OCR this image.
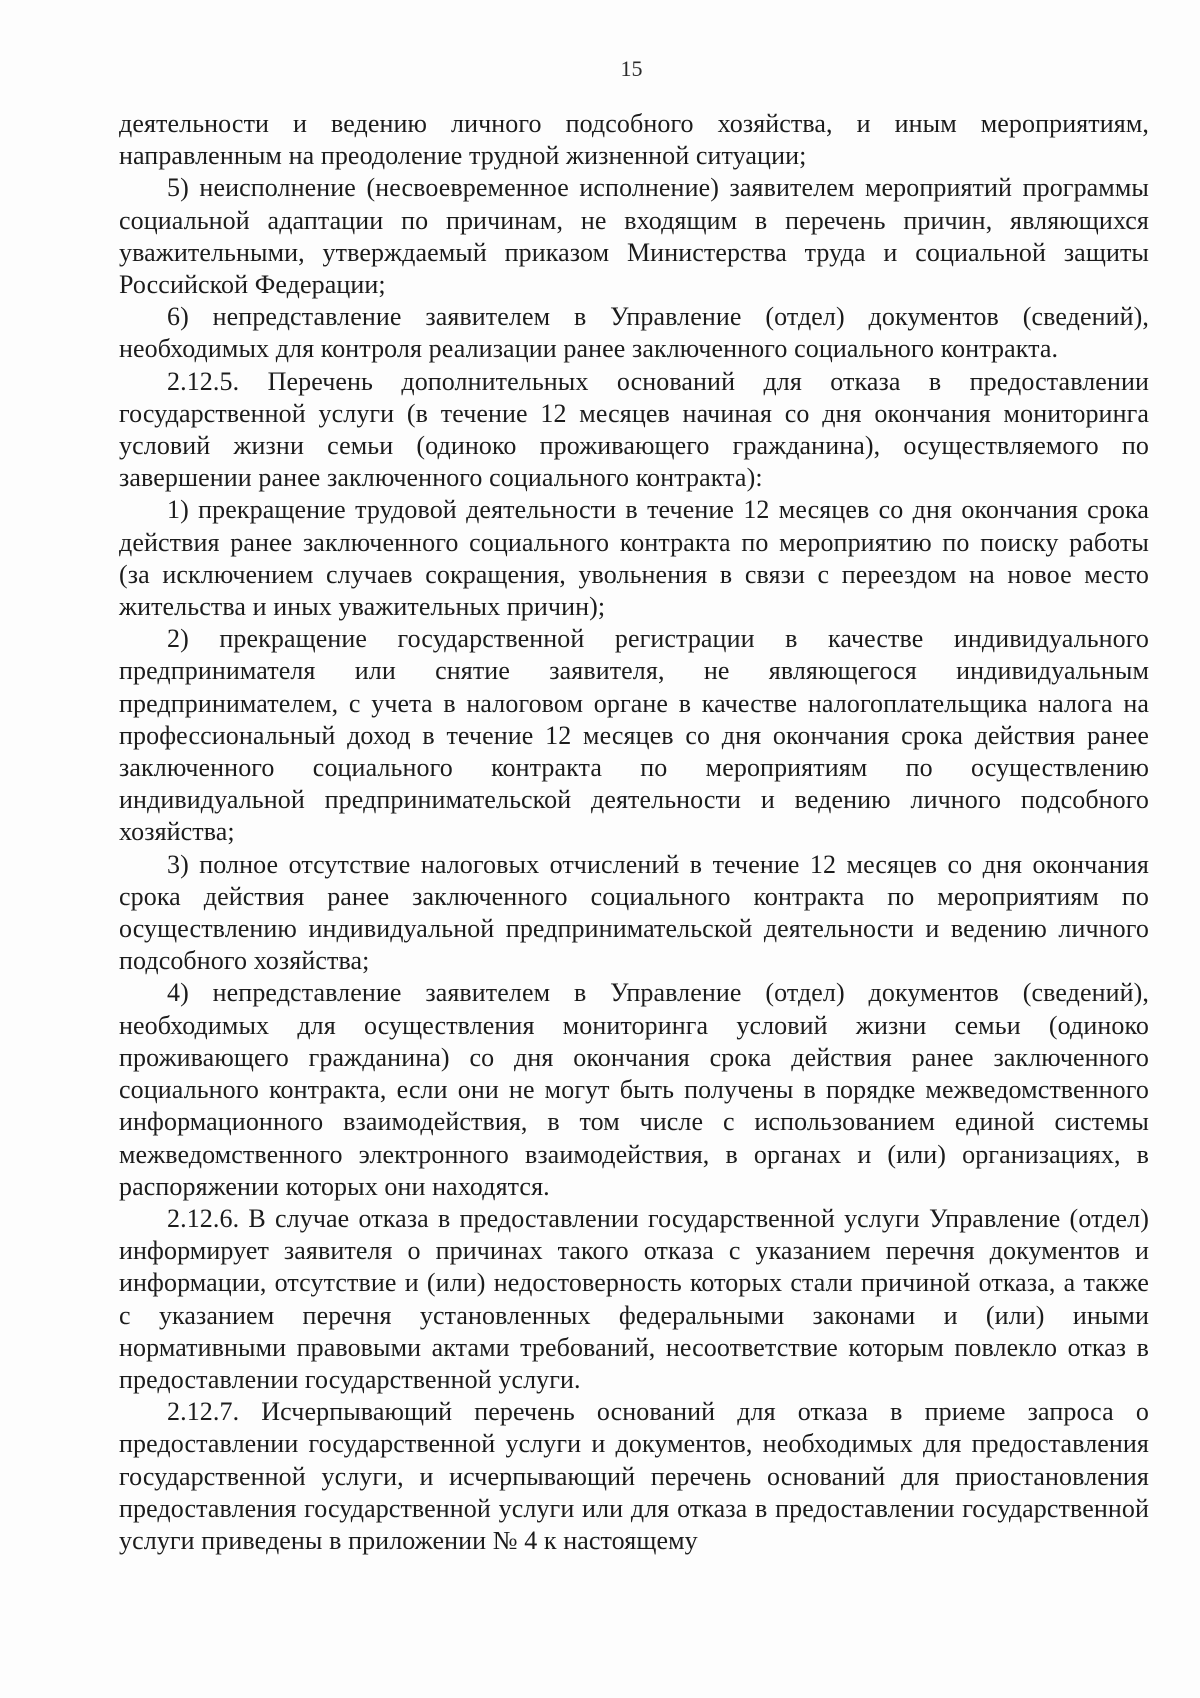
15

деятельности и ведению личного подсобного хозяйства, и иным мероприятиям, направленным на преодоление трудной жизненной ситуации;

5) неисполнение (несвоевременное исполнение) заявителем мероприятий программы социальной адаптации по причинам, не входящим в перечень причин, являющихся уважительными, утверждаемый приказом Министерства труда и социальной защиты Российской Федерации;

6) непредставление заявителем в Управление (отдел) документов (сведений), необходимых для контроля реализации ранее заключенного социального контракта.

2.12.5. Перечень дополнительных оснований для отказа в предоставлении государственной услуги (в течение 12 месяцев начиная со дня окончания мониторинга условий жизни семьи (одиноко проживающего гражданина), осуществляемого по завершении ранее заключенного социального контракта):

1) прекращение трудовой деятельности в течение 12 месяцев со дня окончания срока действия ранее заключенного социального контракта по мероприятию по поиску работы (за исключением случаев сокращения, увольнения в связи с переездом на новое место жительства и иных уважительных причин);

2) прекращение государственной регистрации в качестве индивидуального предпринимателя или снятие заявителя, не являющегося индивидуальным предпринимателем, с учета в налоговом органе в качестве налогоплательщика налога на профессиональный доход в течение 12 месяцев со дня окончания срока действия ранее заключенного социального контракта по мероприятиям по осуществлению индивидуальной предпринимательской деятельности и ведению личного подсобного хозяйства;

3) полное отсутствие налоговых отчислений в течение 12 месяцев со дня окончания срока действия ранее заключенного социального контракта по мероприятиям по осуществлению индивидуальной предпринимательской деятельности и ведению личного подсобного хозяйства;

4) непредставление заявителем в Управление (отдел) документов (сведений), необходимых для осуществления мониторинга условий жизни семьи (одиноко проживающего гражданина) со дня окончания срока действия ранее заключенного социального контракта, если они не могут быть получены в порядке межведомственного информационного взаимодействия, в том числе с использованием единой системы межведомственного электронного взаимодействия, в органах и (или) организациях, в распоряжении которых они находятся.

2.12.6. В случае отказа в предоставлении государственной услуги Управление (отдел) информирует заявителя о причинах такого отказа с указанием перечня документов и информации, отсутствие и (или) недостоверность которых стали причиной отказа, а также с указанием перечня установленных федеральными законами и (или) иными нормативными правовыми актами требований, несоответствие которым повлекло отказ в предоставлении государственной услуги.

2.12.7. Исчерпывающий перечень оснований для отказа в приеме запроса о предоставлении государственной услуги и документов, необходимых для предоставления государственной услуги, и исчерпывающий перечень оснований для приостановления предоставления государственной услуги или для отказа в предоставлении государственной услуги приведены в приложении № 4 к настоящему
